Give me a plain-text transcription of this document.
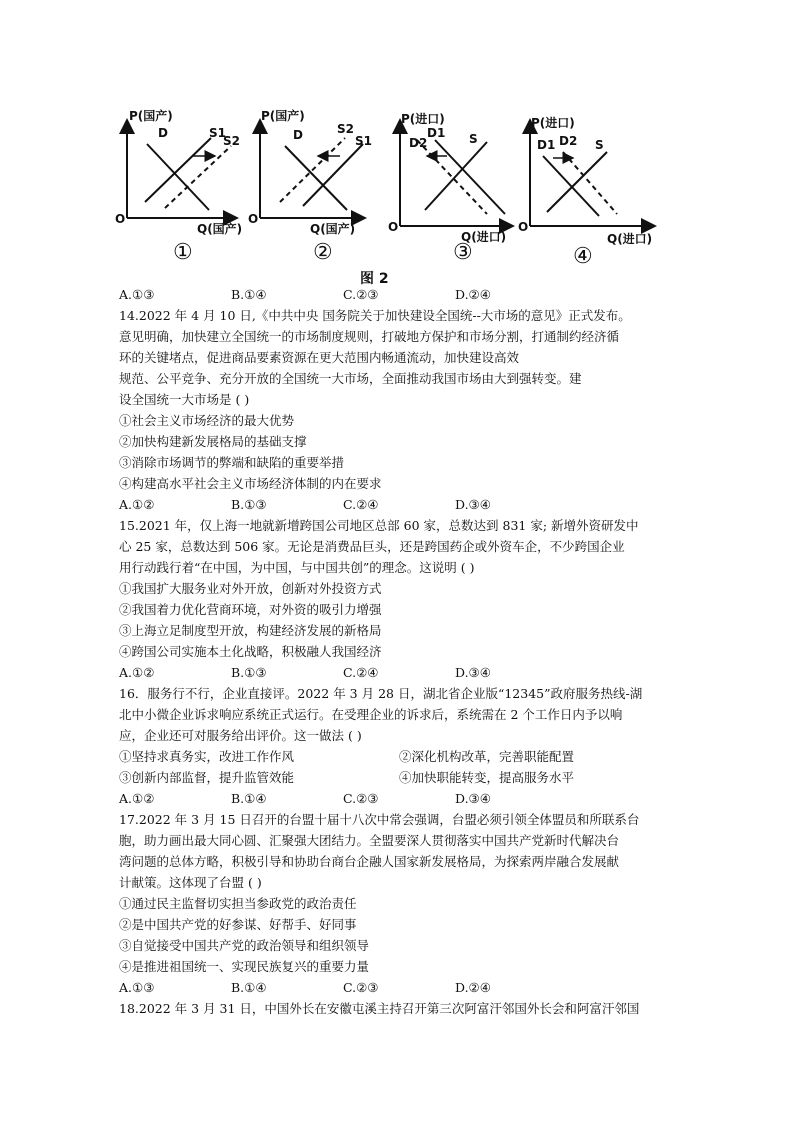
P(国产)
Q(国产)
O
①
D	S1
S2
P(国产)
Q(国产)
O
②
D	S2
S1
P(进口)
Q(进口)
O
③
D1
D2	S
P(进口)
Q(进口)
O
④
D1 D2 S
图 2
A.①③	B.①④	C.②③	D.②④
14.2022 年 4 月 10 日,《中共中央 国务院关于加快建设全国统--大市场的意见》正式发布。
意见明确，加快建立全国统一的市场制度规则，打破地方保护和市场分割，打通制约经济循
环的关键堵点，促进商品要素资源在更大范围内畅通流动，加快建设高效
规范、公平竞争、充分开放的全国统一大市场，全面推动我国市场由大到强转变。建
设全国统一大市场是 ( )
①社会主义市场经济的最大优势
②加快构建新发展格局的基础支撑
③消除市场调节的弊端和缺陷的重要举措
④构建高水平社会主义市场经济体制的内在要求
A.①②	B.①③	C.②④	D.③④
15.2021 年，仅上海一地就新增跨国公司地区总部 60 家，总数达到 831 家; 新增外资研发中
心 25 家，总数达到 506 家。无论是消费品巨头，还是跨国药企或外资车企，不少跨国企业
用行动践行着“在中国，为中国，与中国共创”的理念。这说明 ( )
①我国扩大服务业对外开放，创新对外投资方式
②我国着力优化营商环境，对外资的吸引力增强
③上海立足制度型开放，构建经济发展的新格局
④跨国公司实施本土化战略，积极融人我国经济
A.①②	B.①③	C.②④	D.③④
16．服务行不行，企业直接评。2022 年 3 月 28 日，湖北省企业版“12345”政府服务热线-湖
北中小微企业诉求响应系统正式运行。在受理企业的诉求后，系统需在 2 个工作日内予以响
应，企业还可对服务给出评价。这一做法 ( )
①坚持求真务实，改进工作作风	②深化机构改革，完善职能配置
③创新内部监督，提升监管效能	④加快职能转变，提高服务水平
A.①②	B.①④	C.②③	D.③④
17.2022 年 3 月 15 日召开的台盟十届十八次中常会强调，台盟必须引领全体盟员和所联系台
胞，助力画出最大同心圆、汇聚强大团结力。全盟要深人贯彻落实中国共产党新时代解决台
湾问题的总体方略，积极引导和协助台商台企融人国家新发展格局，为探索两岸融合发展献
计献策。这体现了台盟 ( )
①通过民主监督切实担当参政党的政治责任
②是中国共产党的好参谋、好帮手、好同事
③自觉接受中国共产党的政治领导和组织领导
④是推进祖国统一、实现民族复兴的重要力量
A.①③	B.①④	C.②③	D.②④
18.2022 年 3 月 31 日，中国外长在安徽屯溪主持召开第三次阿富汗邻国外长会和阿富汗邻国
